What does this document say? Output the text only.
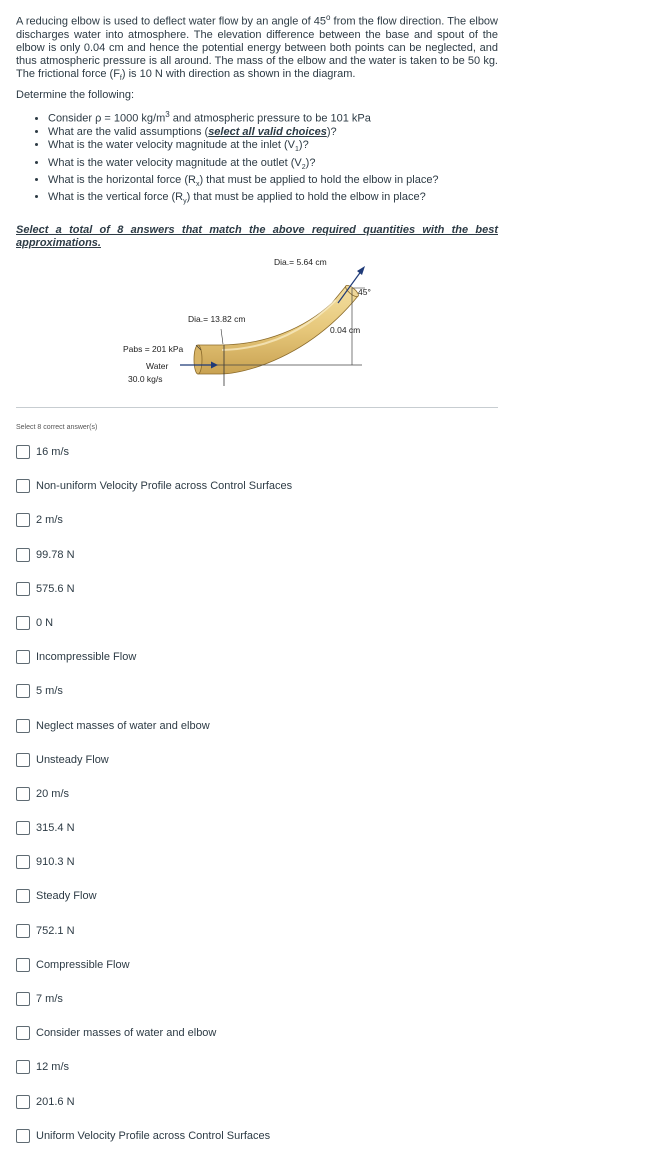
A reducing elbow is used to deflect water flow by an angle of 45$^o$ from the flow direction. The elbow discharges water into atmosphere. The elevation difference between the base and spout of the elbow is only 0.04 cm and hence the potential energy between both points can be neglected, and thus atmospheric pressure is all around. The mass of the elbow and the water is taken to be 50 kg. The frictional force $(F_f)$ is 10 N with direction as shown in the diagram.

Determine the following:

• Consider ρ = 1000 $kg/m^3$ and atmospheric pressure to be 101 kPa
• What are the valid assumptions (select all valid choices)?
• What is the water velocity magnitude at the inlet $(V_1)$?
• What is the water velocity magnitude at the outlet $(V_2)$?
• What is the horizontal force $(R_x)$ that must be applied to hold the elbow in place?
• What is the vertical force $(R_y)$ that must be applied to hold the elbow in place?

Select a total of 8 answers that match the above required quantities with the best approximations.

Dia.= 5.64 cm
45°
Dia.= 13.82 cm
0.04 cm
Pabs = 201 kPa
Water
30.0 kg/s
Select 8 correct answer(s)
16 m/s
Non-uniform Velocity Profile across Control Surfaces
2 m/s
99.78 N
575.6 N
0 N
Incompressible Flow
5 m/s
Neglect masses of water and elbow
Unsteady Flow
20 m/s
315.4 N
910.3 N
Steady Flow
752.1 N
Compressible Flow
7 m/s
Consider masses of water and elbow
12 m/s
201.6 N
Uniform Velocity Profile across Control Surfaces
